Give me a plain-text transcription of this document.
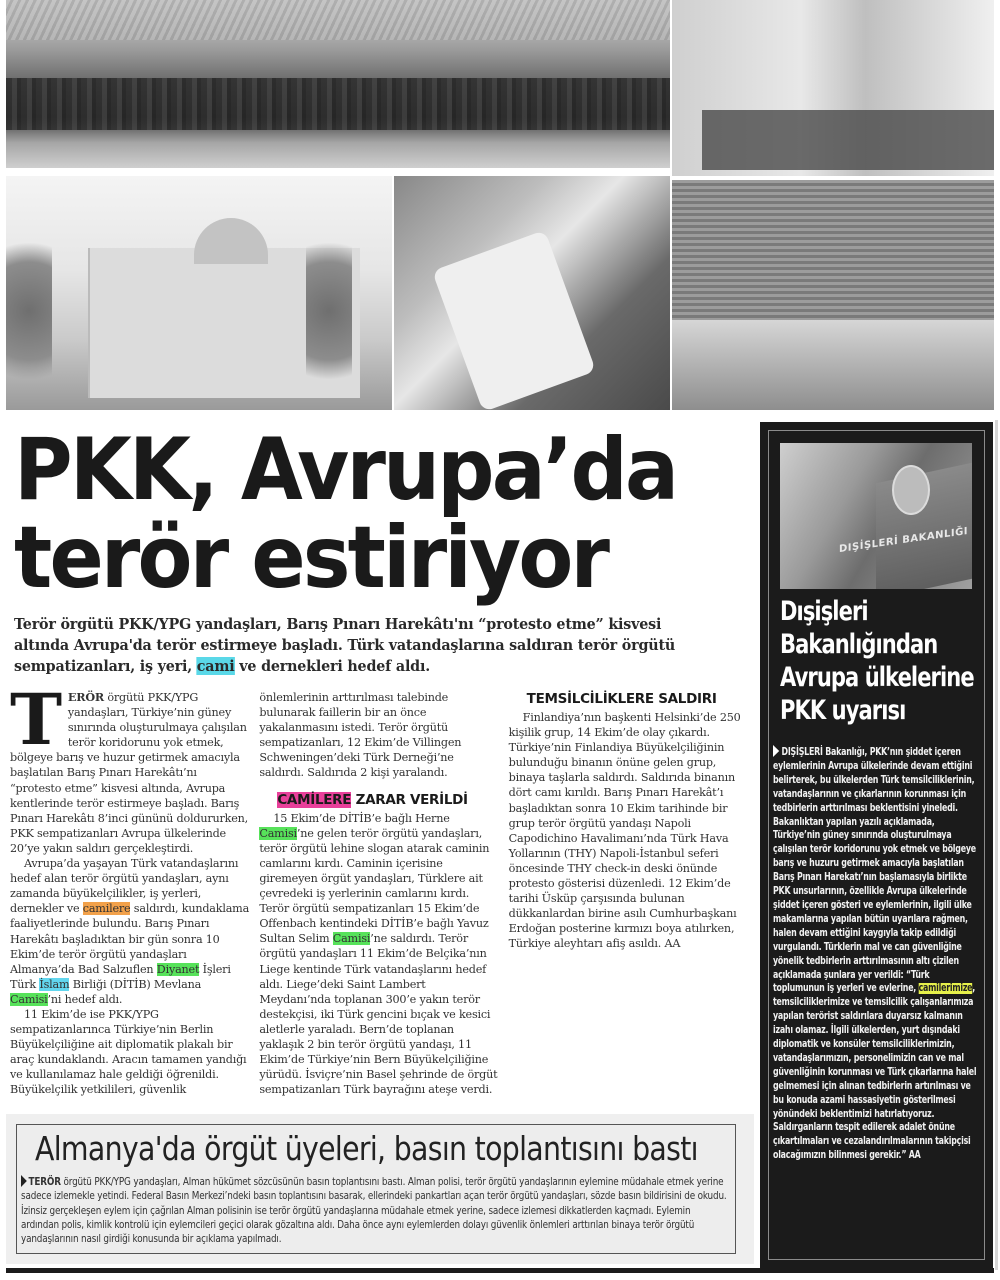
PKK, Avrupa’da
terör estiriyor

Terör örgütü PKK/YPG yandaşları, Barış Pınarı Harekâtı'nı “protesto etme” kisvesi altında Avrupa'da terör estirmeye başladı. Türk vatandaşlarına saldıran terör örgütü sempatizanları, iş yeri, cami ve dernekleri hedef aldı.

TERÖR örgütü PKK/YPG yandaşları, Türkiye’nin güney sınırında oluşturulmaya çalışılan terör koridorunu yok etmek, bölgeye barış ve huzur getirmek amacıyla başlatılan Barış Pınarı Harekâtı’nı “protesto etme” kisvesi altında, Avrupa kentlerinde terör estirmeye başladı. Barış Pınarı Harekâtı 8’inci gününü doldururken, PKK sempatizanları Avrupa ülkelerinde 20’ye yakın saldırı gerçekleştirdi.

Avrupa’da yaşayan Türk vatandaşlarını hedef alan terör örgütü yandaşları, aynı zamanda büyükelçilikler, iş yerleri, dernekler ve camilere saldırdı, kundaklama faaliyetlerinde bulundu. Barış Pınarı Harekâtı başladıktan bir gün sonra 10 Ekim’de terör örgütü yandaşları Almanya’da Bad Salzuflen Diyanet İşleri Türk İslam Birliği (DİTİB) Mevlana Camisi’ni hedef aldı.

11 Ekim’de ise PKK/YPG sempatizanlarınca Türkiye’nin Berlin Büyükelçiliğine ait diplomatik plakalı bir araç kundaklandı. Aracın tamamen yandığı ve kullanılamaz hale geldiği öğrenildi. Büyükelçilik yetkilileri, güvenlik önlemlerinin arttırılması talebinde bulunarak faillerin bir an önce yakalanmasını istedi. Terör örgütü sempatizanları, 12 Ekim’de Villingen Schweningen’deki Türk Derneği’ne saldırdı. Saldırıda 2 kişi yaralandı.

CAMİLERE ZARAR VERİLDİ

15 Ekim’de DİTİB’e bağlı Herne Camisi’ne gelen terör örgütü yandaşları, terör örgütü lehine slogan atarak caminin camlarını kırdı. Caminin içerisine giremeyen örgüt yandaşları, Türklere ait çevredeki iş yerlerinin camlarını kırdı. Terör örgütü sempatizanları 15 Ekim’de Offenbach kentindeki DİTİB’e bağlı Yavuz Sultan Selim Camisi’ne saldırdı. Terör örgütü yandaşları 11 Ekim’de Belçika’nın Liege kentinde Türk vatandaşlarını hedef aldı. Liege’deki Saint Lambert Meydanı’nda toplanan 300’e yakın terör destekçisi, iki Türk gencini bıçak ve kesici aletlerle yaraladı. Bern’de toplanan yaklaşık 2 bin terör örgütü yandaşı, 11 Ekim’de Türkiye’nin Bern Büyükelçiliğine yürüdü. İsviçre’nin Basel şehrinde de örgüt sempatizanları Türk bayrağını ateşe verdi.

TEMSİLCİLİKLERE SALDIRI

Finlandiya’nın başkenti Helsinki’de 250 kişilik grup, 14 Ekim’de olay çıkardı. Türkiye’nin Finlandiya Büyükelçiliğinin bulunduğu binanın önüne gelen grup, binaya taşlarla saldırdı. Saldırıda binanın dört camı kırıldı. Barış Pınarı Harekât’ı başladıktan sonra 10 Ekim tarihinde bir grup terör örgütü yandaşı Napoli Capodichino Havalimanı’nda Türk Hava Yollarının (THY) Napoli-İstanbul seferi öncesinde THY check-in deski önünde protesto gösterisi düzenledi. 12 Ekim’de tarihi Üsküp çarşısında bulunan dükkanlardan birine asılı Cumhurbaşkanı Erdoğan posterine kırmızı boya atılırken, Türkiye aleyhtarı afiş asıldı. AA

DIŞİŞLERİ BAKANLIĞI
Dışişleri Bakanlığından Avrupa ülkelerine PKK uyarısı

DIŞİŞLERİ Bakanlığı, PKK’nın şiddet içeren eylemlerinin Avrupa ülkelerinde devam ettiğini belirterek, bu ülkelerden Türk temsilciliklerinin, vatandaşlarının ve çıkarlarının korunması için tedbirlerin arttırılması beklentisini yineledi. Bakanlıktan yapılan yazılı açıklamada, Türkiye’nin güney sınırında oluşturulmaya çalışılan terör koridorunu yok etmek ve bölgeye barış ve huzuru getirmek amacıyla başlatılan Barış Pınarı Harekatı’nın başlamasıyla birlikte PKK unsurlarının, özellikle Avrupa ülkelerinde şiddet içeren gösteri ve eylemlerinin, ilgili ülke makamlarına yapılan bütün uyarılara rağmen, halen devam ettiğini kaygıyla takip edildiği vurgulandı. Türklerin mal ve can güvenliğine yönelik tedbirlerin arttırılmasının altı çizilen açıklamada şunlara yer verildi: “Türk toplumunun iş yerleri ve evlerine, camilerimize, temsilciliklerimize ve temsilcilik çalışanlarımıza yapılan terörist saldırılara duyarsız kalmanın izahı olamaz. İlgili ülkelerden, yurt dışındaki diplomatik ve konsüler temsilciliklerimizin, vatandaşlarımızın, personelimizin can ve mal güvenliğinin korunması ve Türk çıkarlarına halel gelmemesi için alınan tedbirlerin artırılması ve bu konuda azami hassasiyetin gösterilmesi yönündeki beklentimizi hatırlatıyoruz. Saldırganların tespit edilerek adalet önüne çıkartılmaları ve cezalandırılmalarının takipçisi olacağımızın bilinmesi gerekir.” AA

Almanya'da örgüt üyeleri, basın toplantısını bastı

TERÖR örgütü PKK/YPG yandaşları, Alman hükümet sözcüsünün basın toplantısını bastı. Alman polisi, terör örgütü yandaşlarının eylemine müdahale etmek yerine sadece izlemekle yetindi. Federal Basın Merkezi’ndeki basın toplantısını basarak, ellerindeki pankartları açan terör örgütü yandaşları, sözde basın bildirisini de okudu. İzinsiz gerçekleşen eylem için çağrılan Alman polisinin ise terör örgütü yandaşlarına müdahale etmek yerine, sadece izlemesi dikkatlerden kaçmadı. Eylemin ardından polis, kimlik kontrolü için eylemcileri geçici olarak gözaltına aldı. Daha önce aynı eylemlerden dolayı güvenlik önlemleri arttırılan binaya terör örgütü yandaşlarının nasıl girdiği konusunda bir açıklama yapılmadı.
